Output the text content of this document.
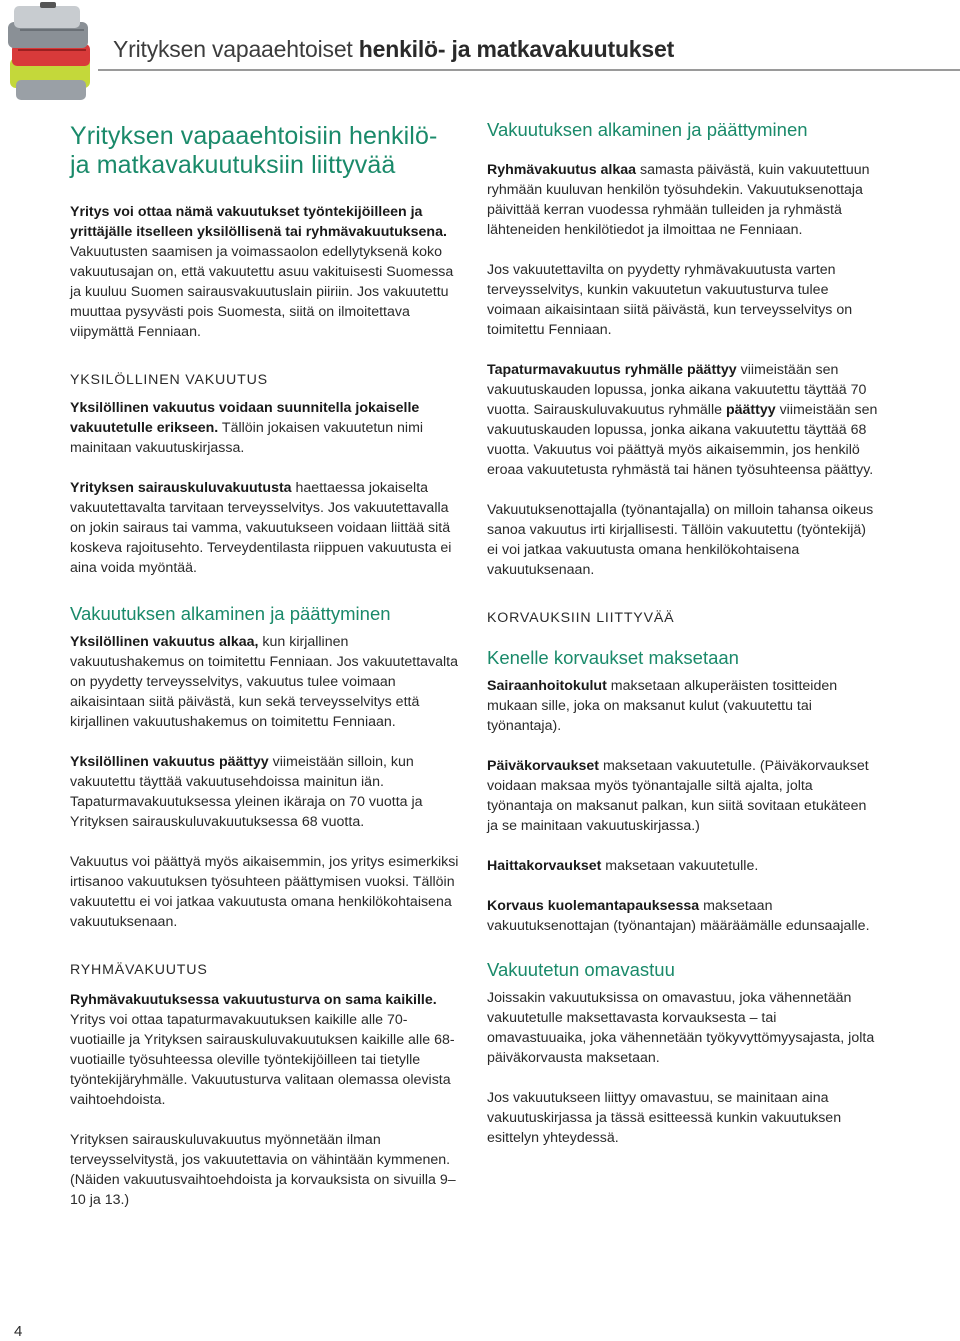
Yrityksen vapaaehtoiset henkilö- ja matkavakuutukset
Yrityksen vapaaehtoisiin henkilö-
ja matkavakuutuksiin liittyvää

Yritys voi ottaa nämä vakuutukset työntekijöilleen ja yrittäjälle itselleen yksilöllisenä tai ryhmävakuutuksena. Vakuutusten saamisen ja voimassaolon edellytyksenä koko vakuutusajan on, että vakuutettu asuu vakituisesti Suomessa ja kuuluu Suomen sairausvakuutuslain piiriin. Jos vakuutettu muuttaa pysyvästi pois Suomesta, siitä on ilmoitettava viipymättä Fenniaan.

YKSILÖLLINEN VAKUUTUS

Yksilöllinen vakuutus voidaan suunnitella jokaiselle vakuutetulle erikseen. Tällöin jokaisen vakuutetun nimi mainitaan vakuutuskirjassa.

Yrityksen sairauskuluvakuutusta haettaessa jokaiselta vakuutettavalta tarvitaan terveysselvitys. Jos vakuutettavalla on jokin sairaus tai vamma, vakuutukseen voidaan liittää sitä koskeva rajoitusehto. Terveydentilasta riippuen vakuutusta ei aina voida myöntää.

Vakuutuksen alkaminen ja päättyminen

Yksilöllinen vakuutus alkaa, kun kirjallinen vakuutushakemus on toimitettu Fenniaan. Jos vakuutettavalta on pyydetty terveysselvitys, vakuutus tulee voimaan aikaisintaan siitä päivästä, kun sekä terveysselvitys että kirjallinen vakuutushakemus on toimitettu Fenniaan.

Yksilöllinen vakuutus päättyy viimeistään silloin, kun vakuutettu täyttää vakuutusehdoissa mainitun iän. Tapaturmavakuutuksessa yleinen ikäraja on 70 vuotta ja Yrityksen sairauskuluvakuutuksessa 68 vuotta.

Vakuutus voi päättyä myös aikaisemmin, jos yritys esimerkiksi irtisanoo vakuutuksen työsuhteen päättymisen vuoksi. Tällöin vakuutettu ei voi jatkaa vakuutusta omana henkilökohtaisena vakuutuksenaan.

RYHMÄVAKUUTUS

Ryhmävakuutuksessa vakuutusturva on sama kaikille. Yritys voi ottaa tapaturmavakuutuksen kaikille alle 70-vuotiaille ja Yrityksen sairauskuluvakuutuksen kaikille alle 68-vuotiaille työsuhteessa oleville työntekijöilleen tai tietylle työntekijäryhmälle. Vakuutusturva valitaan olemassa olevista vaihtoehdoista.

Yrityksen sairauskuluvakuutus myönnetään ilman terveysselvitystä, jos vakuutettavia on vähintään kymmenen. (Näiden vakuutusvaihtoehdoista ja korvauksista on sivuilla 9–10 ja 13.)

Vakuutuksen alkaminen ja päättyminen

Ryhmävakuutus alkaa samasta päivästä, kuin vakuutettuun ryhmään kuuluvan henkilön työsuhdekin. Vakuutuksenottaja päivittää kerran vuodessa ryhmään tulleiden ja ryhmästä lähteneiden henkilötiedot ja ilmoittaa ne Fenniaan.

Jos vakuutettavilta on pyydetty ryhmävakuutusta varten terveysselvitys, kunkin vakuutetun vakuutusturva tulee voimaan aikaisintaan siitä päivästä, kun terveysselvitys on toimitettu Fenniaan.

Tapaturmavakuutus ryhmälle päättyy viimeistään sen vakuutuskauden lopussa, jonka aikana vakuutettu täyttää 70 vuotta. Sairauskuluvakuutus ryhmälle päättyy viimeistään sen vakuutuskauden lopussa, jonka aikana vakuutettu täyttää 68 vuotta. Vakuutus voi päättyä myös aikaisemmin, jos henkilö eroaa vakuutetusta ryhmästä tai hänen työsuhteensa päättyy.

Vakuutuksenottajalla (työnantajalla) on milloin tahansa oikeus sanoa vakuutus irti kirjallisesti. Tällöin vakuutettu (työntekijä) ei voi jatkaa vakuutusta omana henkilökohtaisena vakuutuksenaan.

KORVAUKSIIN LIITTYVÄÄ

Kenelle korvaukset maksetaan

Sairaanhoitokulut maksetaan alkuperäisten tositteiden mukaan sille, joka on maksanut kulut (vakuutettu tai työnantaja).

Päiväkorvaukset maksetaan vakuutetulle. (Päiväkorvaukset voidaan maksaa myös työnantajalle siltä ajalta, jolta työnantaja on maksanut palkan, kun siitä sovitaan etukäteen ja se mainitaan vakuutuskirjassa.)

Haittakorvaukset maksetaan vakuutetulle.

Korvaus kuolemantapauksessa maksetaan vakuutuksenottajan (työnantajan) määräämälle edunsaajalle.

Vakuutetun omavastuu

Joissakin vakuutuksissa on omavastuu, joka vähennetään vakuutetulle maksettavasta korvauksesta – tai omavastuuaika, joka vähennetään työkyvyttömyysajasta, jolta päiväkorvausta maksetaan.

Jos vakuutukseen liittyy omavastuu, se mainitaan aina vakuutuskirjassa ja tässä esitteessä kunkin vakuutuksen esittelyn yhteydessä.

4
